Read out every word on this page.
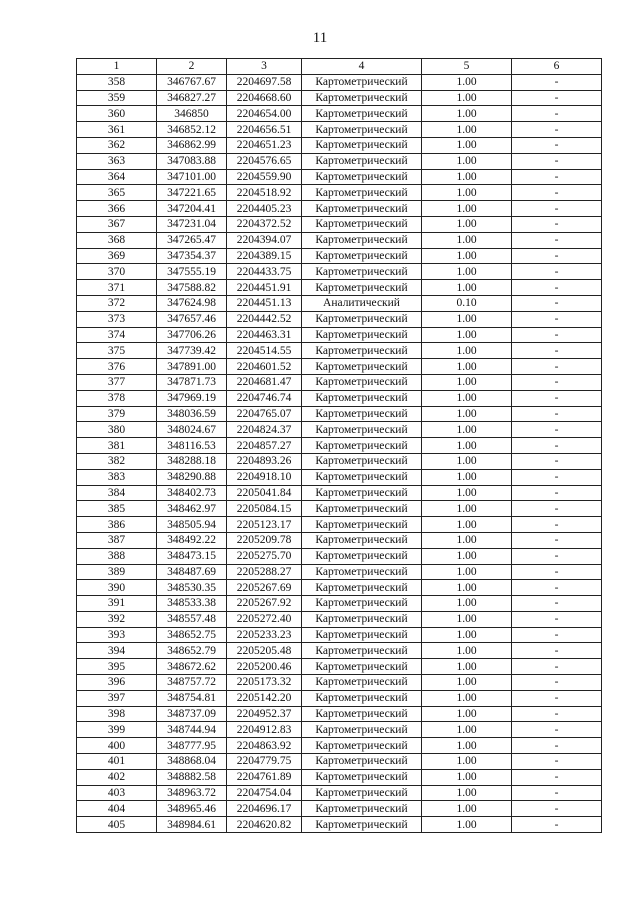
11
1	2	3	4	5	6
358	346767.67	2204697.58	Картометрический	1.00	-
359	346827.27	2204668.60	Картометрический	1.00	-
360	346850	2204654.00	Картометрический	1.00	-
361	346852.12	2204656.51	Картометрический	1.00	-
362	346862.99	2204651.23	Картометрический	1.00	-
363	347083.88	2204576.65	Картометрический	1.00	-
364	347101.00	2204559.90	Картометрический	1.00	-
365	347221.65	2204518.92	Картометрический	1.00	-
366	347204.41	2204405.23	Картометрический	1.00	-
367	347231.04	2204372.52	Картометрический	1.00	-
368	347265.47	2204394.07	Картометрический	1.00	-
369	347354.37	2204389.15	Картометрический	1.00	-
370	347555.19	2204433.75	Картометрический	1.00	-
371	347588.82	2204451.91	Картометрический	1.00	-
372	347624.98	2204451.13	Аналитический	0.10	-
373	347657.46	2204442.52	Картометрический	1.00	-
374	347706.26	2204463.31	Картометрический	1.00	-
375	347739.42	2204514.55	Картометрический	1.00	-
376	347891.00	2204601.52	Картометрический	1.00	-
377	347871.73	2204681.47	Картометрический	1.00	-
378	347969.19	2204746.74	Картометрический	1.00	-
379	348036.59	2204765.07	Картометрический	1.00	-
380	348024.67	2204824.37	Картометрический	1.00	-
381	348116.53	2204857.27	Картометрический	1.00	-
382	348288.18	2204893.26	Картометрический	1.00	-
383	348290.88	2204918.10	Картометрический	1.00	-
384	348402.73	2205041.84	Картометрический	1.00	-
385	348462.97	2205084.15	Картометрический	1.00	-
386	348505.94	2205123.17	Картометрический	1.00	-
387	348492.22	2205209.78	Картометрический	1.00	-
388	348473.15	2205275.70	Картометрический	1.00	-
389	348487.69	2205288.27	Картометрический	1.00	-
390	348530.35	2205267.69	Картометрический	1.00	-
391	348533.38	2205267.92	Картометрический	1.00	-
392	348557.48	2205272.40	Картометрический	1.00	-
393	348652.75	2205233.23	Картометрический	1.00	-
394	348652.79	2205205.48	Картометрический	1.00	-
395	348672.62	2205200.46	Картометрический	1.00	-
396	348757.72	2205173.32	Картометрический	1.00	-
397	348754.81	2205142.20	Картометрический	1.00	-
398	348737.09	2204952.37	Картометрический	1.00	-
399	348744.94	2204912.83	Картометрический	1.00	-
400	348777.95	2204863.92	Картометрический	1.00	-
401	348868.04	2204779.75	Картометрический	1.00	-
402	348882.58	2204761.89	Картометрический	1.00	-
403	348963.72	2204754.04	Картометрический	1.00	-
404	348965.46	2204696.17	Картометрический	1.00	-
405	348984.61	2204620.82	Картометрический	1.00	-
